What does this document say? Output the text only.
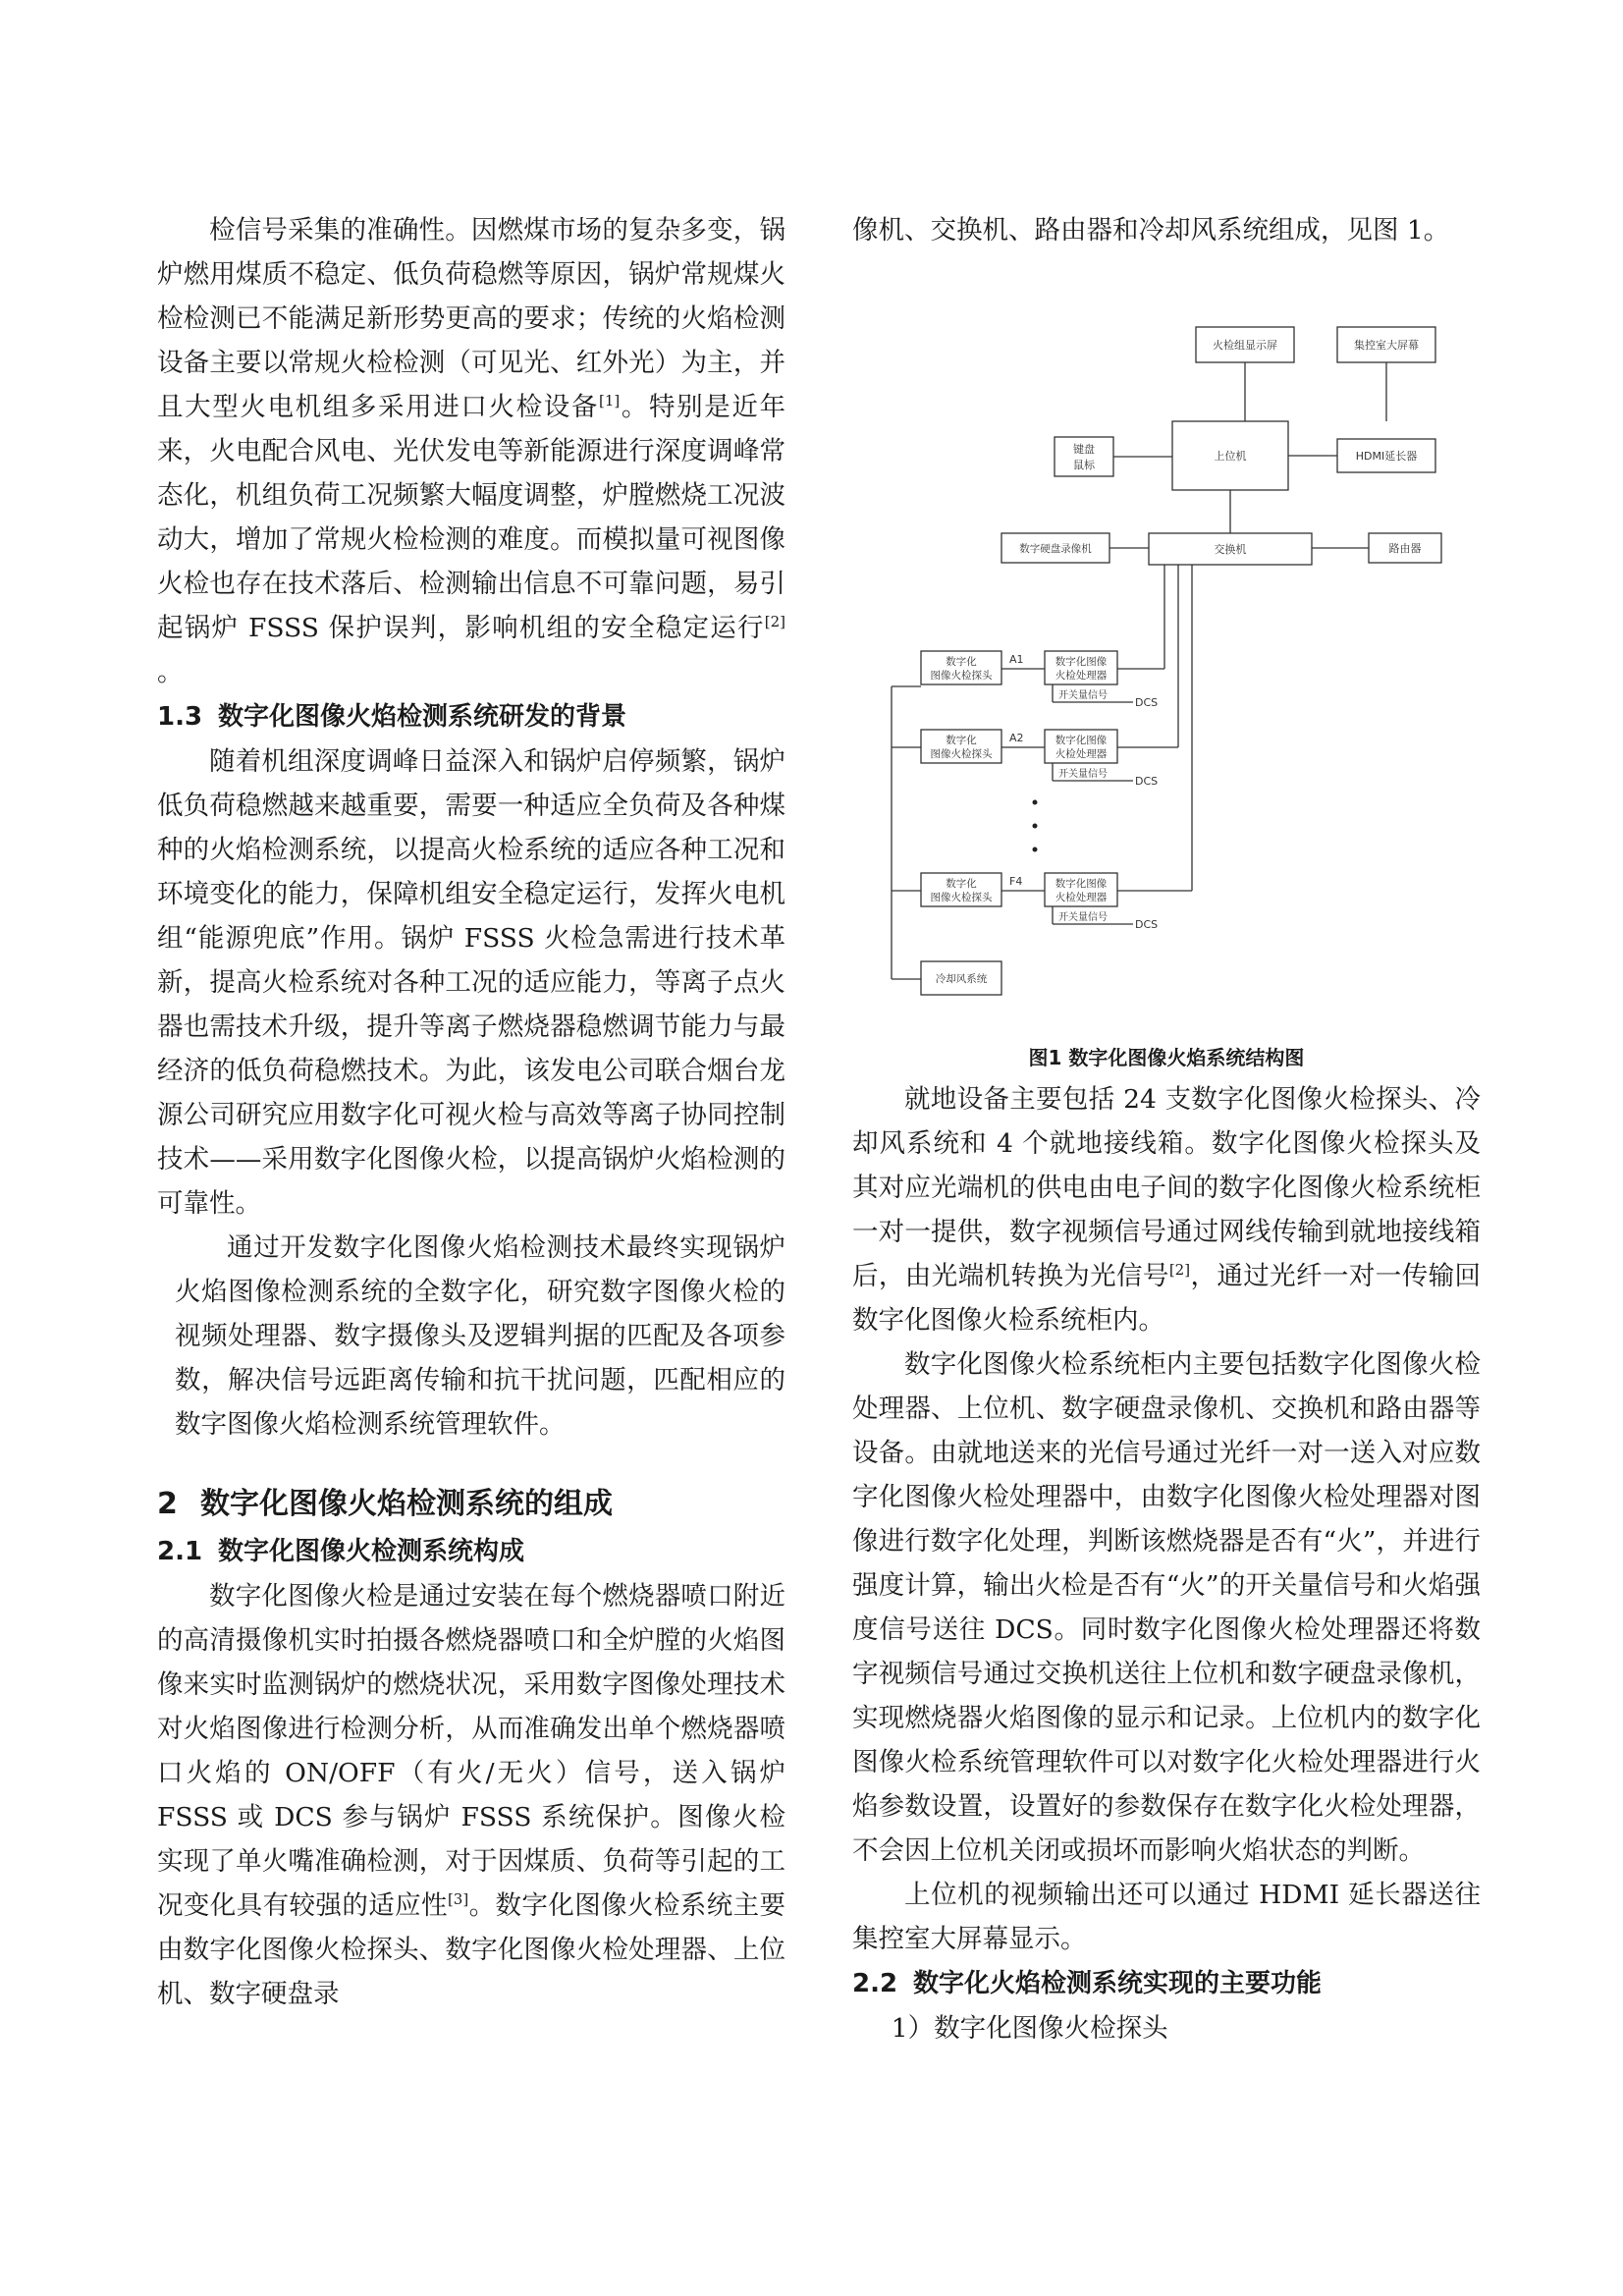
检信号采集的准确性。因燃煤市场的复杂多变，锅炉燃用煤质不稳定、低负荷稳燃等原因，锅炉常规煤火检检测已不能满足新形势更高的要求；传统的火焰检测设备主要以常规火检检测（可见光、红外光）为主，并且大型火电机组多采用进口火检设备[1]。特别是近年来，火电配合风电、光伏发电等新能源进行深度调峰常态化，机组负荷工况频繁大幅度调整，炉膛燃烧工况波动大，增加了常规火检检测的难度。而模拟量可视图像火检也存在技术落后、检测输出信息不可靠问题，易引起锅炉 FSSS 保护误判，影响机组的安全稳定运行[2] 。

1.3 数字化图像火焰检测系统研发的背景

随着机组深度调峰日益深入和锅炉启停频繁，锅炉低负荷稳燃越来越重要，需要一种适应全负荷及各种煤种的火焰检测系统，以提高火检系统的适应各种工况和环境变化的能力，保障机组安全稳定运行，发挥火电机组“能源兜底”作用。锅炉 FSSS 火检急需进行技术革新，提高火检系统对各种工况的适应能力，等离子点火器也需技术升级，提升等离子燃烧器稳燃调节能力与最经济的低负荷稳燃技术。为此，该发电公司联合烟台龙源公司研究应用数字化可视火检与高效等离子协同控制技术——采用数字化图像火检，以提高锅炉火焰检测的可靠性。

通过开发数字化图像火焰检测技术最终实现锅炉火焰图像检测系统的全数字化，研究数字图像火检的视频处理器、数字摄像头及逻辑判据的匹配及各项参数，解决信号远距离传输和抗干扰问题，匹配相应的数字图像火焰检测系统管理软件。

2 数字化图像火焰检测系统的组成
2.1 数字化图像火检测系统构成

数字化图像火检是通过安装在每个燃烧器喷口附近的高清摄像机实时拍摄各燃烧器喷口和全炉膛的火焰图像来实时监测锅炉的燃烧状况，采用数字图像处理技术对火焰图像进行检测分析，从而准确发出单个燃烧器喷口火焰的 ON/OFF（有火/无火）信号，送入锅炉 FSSS 或 DCS 参与锅炉 FSSS 系统保护。图像火检实现了单火嘴准确检测，对于因煤质、负荷等引起的工况变化具有较强的适应性[3]。数字化图像火检系统主要由数字化图像火检探头、数字化图像火检处理器、上位机、数字硬盘录

像机、交换机、路由器和冷却风系统组成，见图 1。

火检组显示屏	集控室大屏幕
键盘
鼠标
上位机	HDMI延长器
数字硬盘录像机	交换机	路由器
数字化
图像火检探头
A1	数字化图像
火检处理器
开关量信号
DCS
数字化
图像火检探头
A2	数字化图像
火检处理器
开关量信号
DCS
数字化
图像火检探头
F4	数字化图像
火检处理器
开关量信号
DCS
冷却风系统

图1 数字化图像火焰系统结构图

就地设备主要包括 24 支数字化图像火检探头、冷却风系统和 4 个就地接线箱。数字化图像火检探头及其对应光端机的供电由电子间的数字化图像火检系统柜一对一提供，数字视频信号通过网线传输到就地接线箱后，由光端机转换为光信号[2]，通过光纤一对一传输回数字化图像火检系统柜内。

数字化图像火检系统柜内主要包括数字化图像火检处理器、上位机、数字硬盘录像机、交换机和路由器等设备。由就地送来的光信号通过光纤一对一送入对应数字化图像火检处理器中，由数字化图像火检处理器对图像进行数字化处理，判断该燃烧器是否有“火”，并进行强度计算，输出火检是否有“火”的开关量信号和火焰强度信号送往 DCS。同时数字化图像火检处理器还将数字视频信号通过交换机送往上位机和数字硬盘录像机，实现燃烧器火焰图像的显示和记录。上位机内的数字化图像火检系统管理软件可以对数字化火检处理器进行火焰参数设置，设置好的参数保存在数字化火检处理器，不会因上位机关闭或损坏而影响火焰状态的判断。

上位机的视频输出还可以通过 HDMI 延长器送往集控室大屏幕显示。

2.2 数字化火焰检测系统实现的主要功能

1）数字化图像火检探头
